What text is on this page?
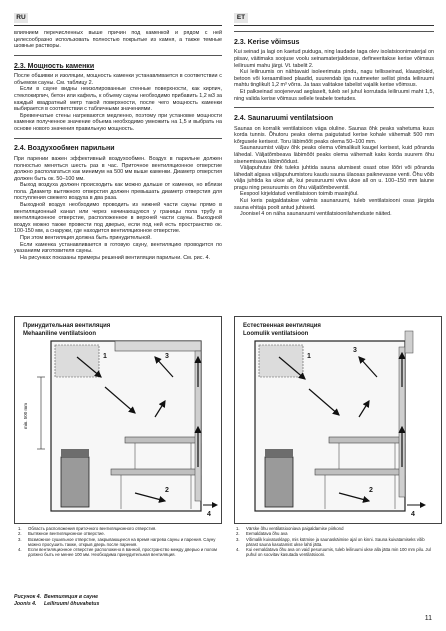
RU	ET

влиянием перечисленных выше причин под каменкой и рядом с ней целесообразно использовать полностью покрытые из камня, а также темные шовные растворы.

2.3. Мощность каменки

После обшивки и изоляции, мощность каменки устанавливается в соответствии с объемом сауны. См. таблицу 2.

Если в сауне видны неизолированные стенные поверхности, как кирпич, стеклокирпич, бетон или кафель, к объему сауны необходимо прибавить 1,2 м3 за каждый квадратный метр такой поверхности, после чего мощность каменки выбирается в соответствии с табличными значениями.

Бревенчатые стены нагреваются медленно, поэтому при установке мощности каменки полученное значение объема необходимо умножить на 1,5 и выбрать на основе нового значения правильную мощность.

2.4. Воздухообмен парильни

При парении важен эффективный воздухообмен. Воздух в парильне должен полностью меняться шесть раз в час. Приточное вентиляционное отверстие должно располагаться как минимум на 500 мм выше каменки. Диаметр отверстия должен быть ок. 50–100 мм.

Выход воздуха должен происходить как можно дальше от каменки, но вблизи пола. Диаметр вытяжного отверстия должен превышать диаметр отверстия для поступления свежего воздуха в два раза.

Выходной воздух необходимо проводить из нижней части сауны прямо в вентиляционный канал или через начинающуюся у границы пола трубу в вентиляционное отверстие, расположенное в верхней части сауны. Выходной воздух можно также провести под дверью, если под ней есть пространство ок. 100-150 мм, а снаружи, где находится вентиляционное отверстие.

При этом вентиляция должна быть принудительной.

Если каменка устанавливается в готовую сауну, вентиляцию проводится по указаниям изготовителя сауны.

На рисунках показаны примеры решений вентиляции парильни. См. рис. 4.

2.3. Kerise võimsus

Kui seinad ja lagi on kaetud puiduga, ning laudade taga olev isolatsioonimaterjal on piisav, väitimaks soojuse voolu seinamaterjalidesse, defineeritakse kerise võimsus leiliruumi mahu järgi. Vt. tabelit 2.

Kui leiliruumis on nähtavaid isoleerimata pindu, nagu tellisseinad, klaasplokid, betoon või keraamilised plaadid, suurendab iga ruutmeeter sellist pinda leiliruumi mahtu tinglikult 1,2 m³ võrra. Ja taas valitakse tabelist vajalik kerise võimsus.

Et palkseinad soojenevad aeglaselt, tuleb sel juhul korrutada leiliruumi maht 1,5, ning valida kerise võimsus sellele teabele toetudes.

2.4. Saunaruumi ventilatsioon

Saunas on korralik ventilatsioon väga oluline. Saunas õhk peaks vahetuma kuus korda tunnis. Õhutoru peaks olema paigutatud kerise kohale vähemalt 500 mm kõrgusele kerisest. Toru läbimõõt peaks olema 50–100 mm.

Saunaruumist väljuv õhk peaks olema võimalikult kaugel kerisest, kuid põranda lähedal. Väljatõmbeava läbimõõt peaks olema vähemalt kaks korda suurem õhu sisenemisava läbimõõdust.

Väljapuhutav õhk tuleks juhtida sauna alumisest osast otse lõõri või põranda lähedalt algava väljapuhumistoru kaudu sauna ülaosas paiknevasse venti. Õhu võib välja juhtida ka ukse alt, kui peusuruumi viiva ukse all on u. 100–150 mm laiune pragu ning pesuruumis on õhu väljatõmbeventiil.

Eespool kirjeldatud ventilatsioon toimib masinjõul.

Kui keris paigaldatakse valmis saunaruumi, tuleb ventilatsiooni osas järgida sauna ehitaja poolt antud juhiseid.

Joonisel 4 on näha saunaruumi ventilatsioonilahenduste näited.

Принудительная вентиляция
Mehaaniline ventilatsioon
min. 500 mm
1
2
3
4
Естественная вентиляция
Loomulik ventilatsioon
1
2
3
4
1.	Область расположения приточного вентиляционного отверстия.
2.	Вытяжное вентиляционное отверстие.
3.	Возможное сушильное отверстие, закрывающееся на время нагрева сауны и парения. Сауну можно просушить также, открыв дверь после парения.
4.	Если вентиляционное отверстие расположено в ванной, пространство между дверью и полом должно быть не менее 100 мм. Необходима принудительная вентиляция.
1.	Värske õhu ventilatsiooniava paigaldamise piirkond
2.	Eemaldatava õhu ava
3.	Võimalik kuivatusklapp, mis kütmise ja saunaskäimise ajal on kinni. Sauna kuivatamiseks võib pärast sauna kasutamist ukse lahti jätta.
4.	Kui eemaldatava õhu ava on vaid pesuruumis, tuleb leiliruumi ukse alla jätta min 100 mm pilu. Jul puhul on soovitav kasutada ventilatsiooni.
Рисунок 4. Вентиляция в сауне
Joonis 4. Leiliruumi õhuvahetus
11
